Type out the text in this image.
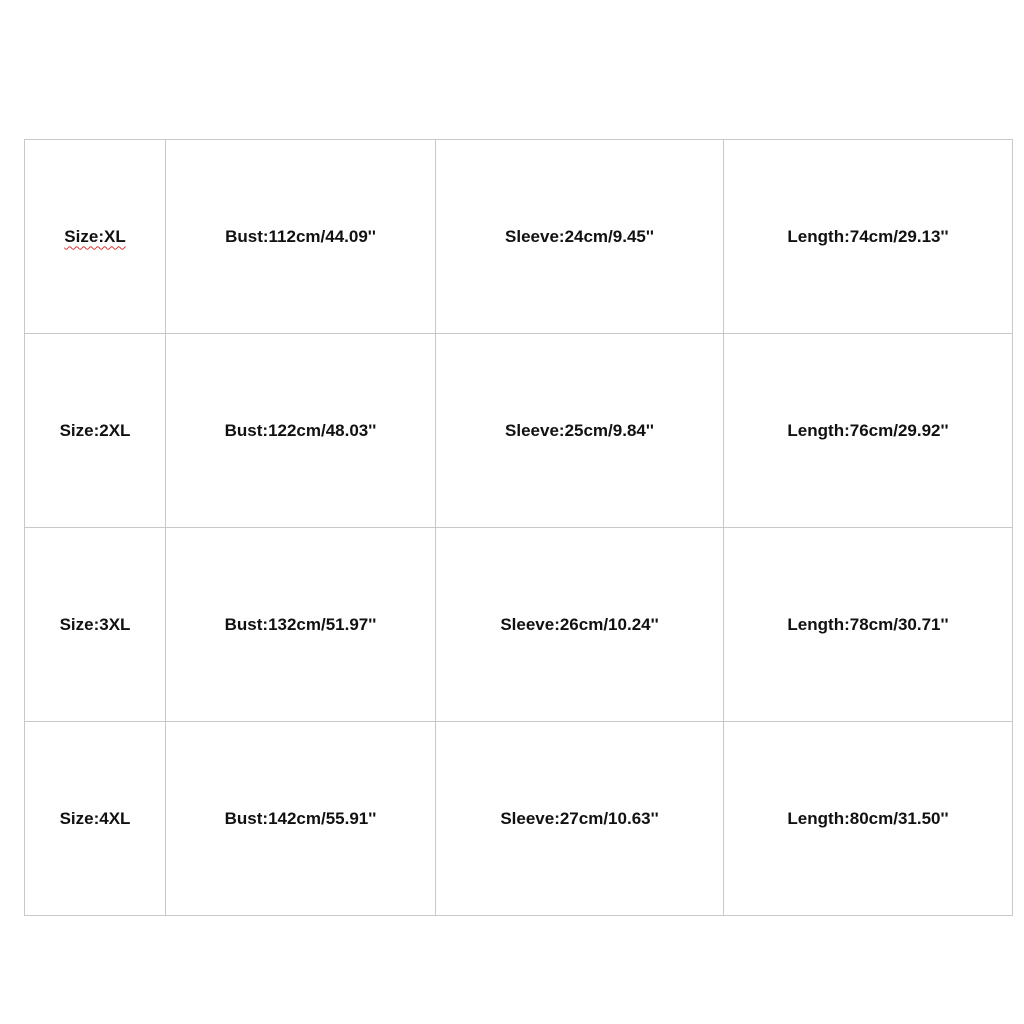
Size:XL	Bust:112cm/44.09''	Sleeve:24cm/9.45''	Length:74cm/29.13''
Size:2XL	Bust:122cm/48.03''	Sleeve:25cm/9.84''	Length:76cm/29.92''
Size:3XL	Bust:132cm/51.97''	Sleeve:26cm/10.24''	Length:78cm/30.71''
Size:4XL	Bust:142cm/55.91''	Sleeve:27cm/10.63''	Length:80cm/31.50''
